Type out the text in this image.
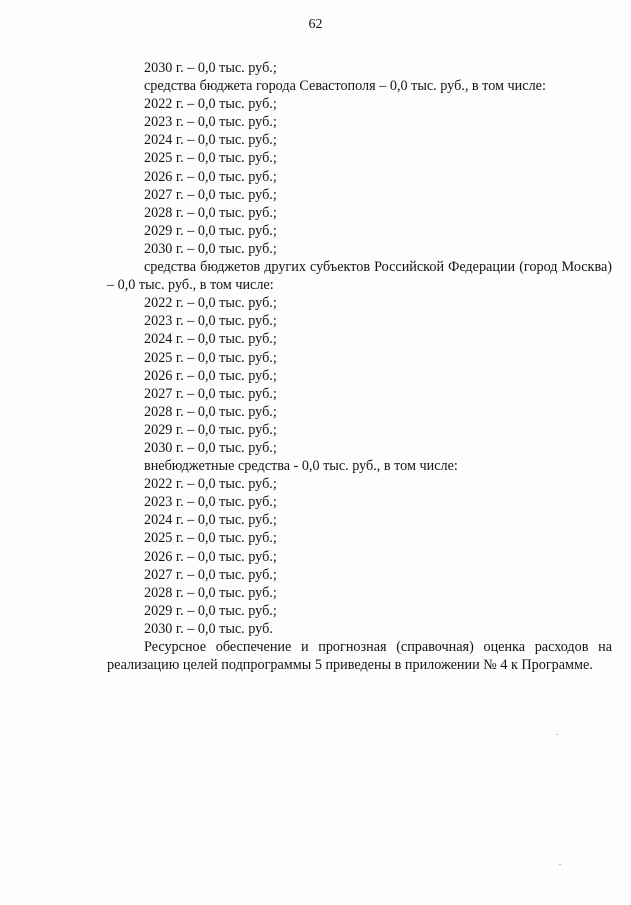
62
2030 г. – 0,0 тыс. руб.;
средства бюджета города Севастополя – 0,0 тыс. руб., в том числе:
2022 г. – 0,0 тыс. руб.;
2023 г. – 0,0 тыс. руб.;
2024 г. – 0,0 тыс. руб.;
2025 г. – 0,0 тыс. руб.;
2026 г. – 0,0 тыс. руб.;
2027 г. – 0,0 тыс. руб.;
2028 г. – 0,0 тыс. руб.;
2029 г. – 0,0 тыс. руб.;
2030 г. – 0,0 тыс. руб.;
средства бюджетов других субъектов Российской Федерации (город Москва) – 0,0 тыс. руб., в том числе:
2022 г. – 0,0 тыс. руб.;
2023 г. – 0,0 тыс. руб.;
2024 г. – 0,0 тыс. руб.;
2025 г. – 0,0 тыс. руб.;
2026 г. – 0,0 тыс. руб.;
2027 г. – 0,0 тыс. руб.;
2028 г. – 0,0 тыс. руб.;
2029 г. – 0,0 тыс. руб.;
2030 г. – 0,0 тыс. руб.;
внебюджетные средства - 0,0 тыс. руб., в том числе:
2022 г. – 0,0 тыс. руб.;
2023 г. – 0,0 тыс. руб.;
2024 г. – 0,0 тыс. руб.;
2025 г. – 0,0 тыс. руб.;
2026 г. – 0,0 тыс. руб.;
2027 г. – 0,0 тыс. руб.;
2028 г. – 0,0 тыс. руб.;
2029 г. – 0,0 тыс. руб.;
2030 г. – 0,0 тыс. руб.
Ресурсное обеспечение и прогнозная (справочная) оценка расходов на реализацию целей подпрограммы 5 приведены в приложении № 4 к Программе.
